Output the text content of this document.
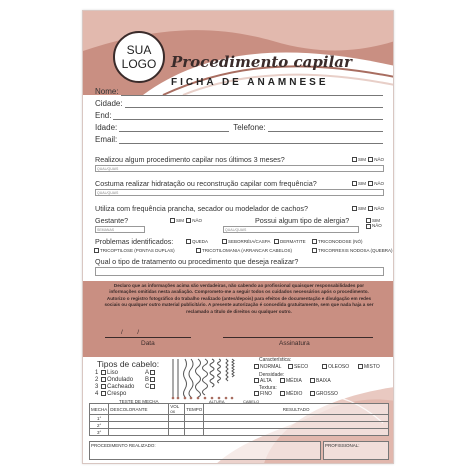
SUA
LOGO Procedimento capilar
FICHA DE ANAMNESE
Nome:
Cidade:
End:
Idade:	Telefone:
Email:
Realizou algum procedimento capilar nos últimos 3 meses?	SIM NÃO
QUAL/QUAIS
Costuma realizar hidratação ou reconstrução capilar com frequência?	SIM NÃO
QUAL/QUAIS
Utiliza com frequência prancha, secador ou modelador de cachos?	SIM NÃO
Gestante?	SIM NÃO	Possui algum tipo de alergia?	SIM
NÃO
SEMANAS	QUAL/QUAIS
Problemas identificados:	QUEDA	SEBORRÉIA/CASPA	DERMATITE	TRICONODOSE (NÓ)
TRICOPTILOSE (PONTAS DUPLAS)	TRICOTILOMANIA (ARRANCAR CABELOS)	TRICORREXIS NODOSA (QUEBRA)
Qual o tipo de tratamento ou procedimento que deseja realizar?
Declaro que as informações acima são verdadeiras, não cabendo ao profissional quaisquer responsabilidades por informações omitidas nesta avaliação. Comprometo-me a seguir todos os cuidados necessários após o procedimento. Autorizo o registro fotográfico do trabalho realizado (antes/depois) para efeitos de documentação e divulgação em redes sociais ou qualquer outro material publicitário. A presente autorização é concedida gratuitamente, sem que nada haja a ser reclamado a título de direitos ou qualquer outro.
/ /
Data	Assinatura
Tipos de cabelo:
1 Liso
2 Ondulado
3 Cacheado
4 Crespo
A
B
C
Característica:
NORMAL	SECO	OLEOSO	MISTO
Densidade:
ALTA	MÉDIA	BAIXA
Textura:
FINO	MÉDIO	GROSSO
TESTE DE MECHA	ALTURA	CABELO
MECHA	DESCOLORANTE	VOL ox	TEMPO	RESULTADO
1°				
2°				
3°				
PROCEDIMENTO REALIZADO:	PROFISSIONAL:
